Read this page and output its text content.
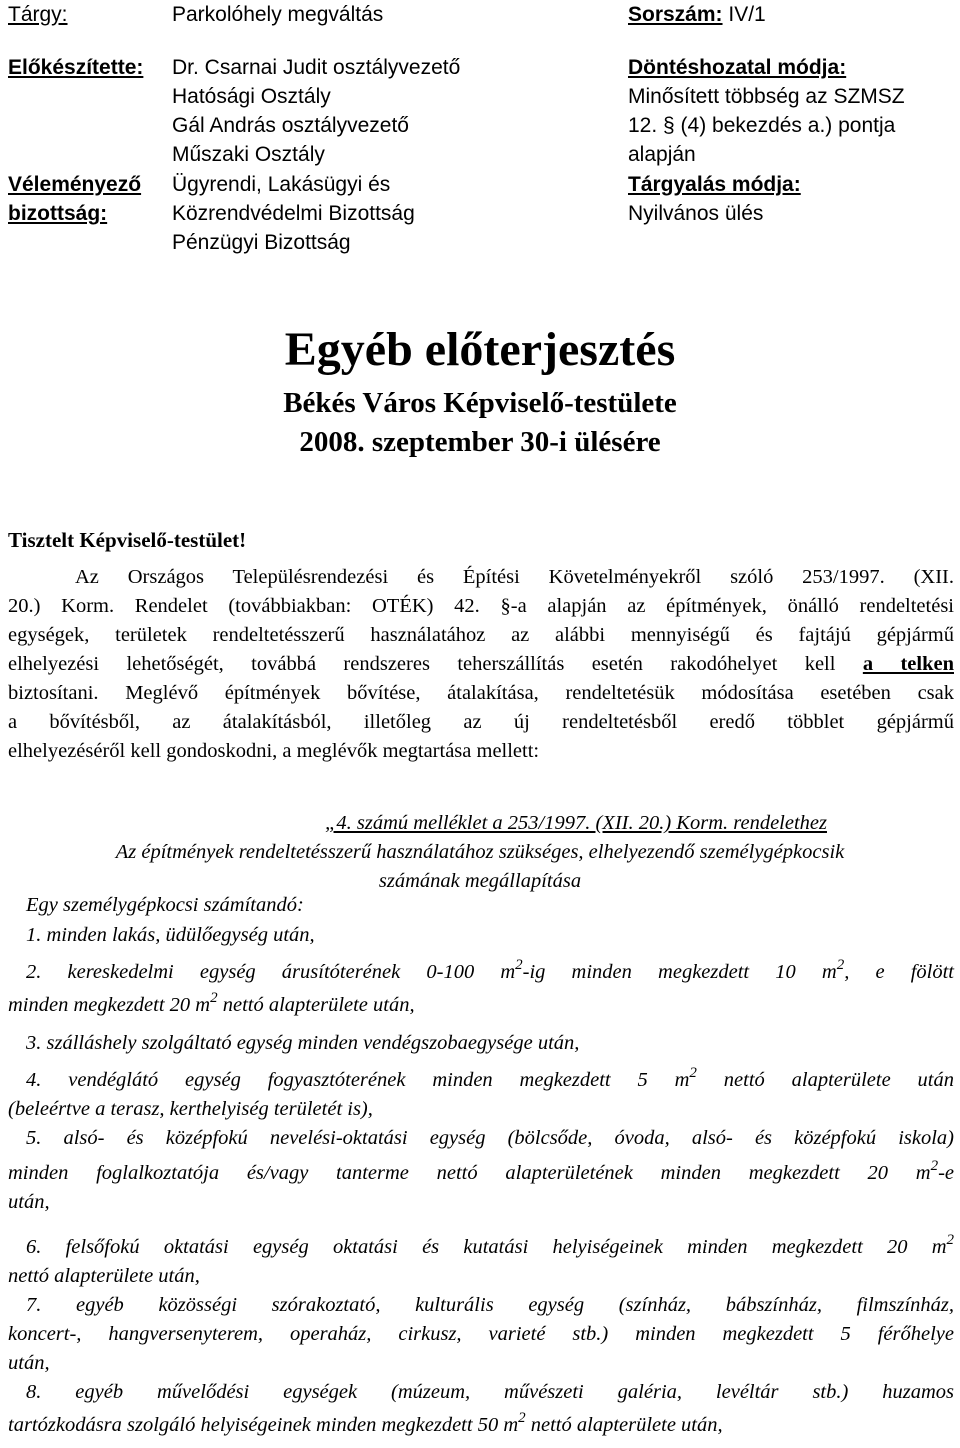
Tárgy:	Parkolóhely megváltás	Sorszám: IV/1
Előkészítette: Dr. Csarnai Judit osztályvezető
Hatósági Osztály
Gál András osztályvezető
Műszaki Osztály
Véleményező
bizottság:
Ügyrendi, Lakásügyi és
Közrendvédelmi Bizottság
Pénzügyi Bizottság
Döntéshozatal módja:
Minősített többség az SZMSZ
12. § (4) bekezdés a.) pontja
alapján
Tárgyalás módja:
Nyilvános ülés
Egyéb előterjesztés
Békés Város Képviselő-testülete
2008. szeptember 30-i ülésére
Tisztelt Képviselő-testület!
Az Országos Településrendezési és Építési Követelményekről szóló 253/1997. (XII.
20.) Korm. Rendelet (továbbiakban: OTÉK) 42. §-a alapján az építmények, önálló rendeltetési
egységek, területek rendeltetésszerű használatához az alábbi mennyiségű és fajtájú gépjármű
elhelyezési lehetőségét, továbbá rendszeres teherszállítás esetén rakodóhelyet kell a telken
biztosítani. Meglévő építmények bővítése, átalakítása, rendeltetésük módosítása esetében csak
a bővítésből, az átalakításból, illetőleg az új rendeltetésből eredő többlet gépjármű
elhelyezéséről kell gondoskodni, a meglévők megtartása mellett:
„4. számú melléklet a 253/1997. (XII. 20.) Korm. rendelethez
Az építmények rendeltetésszerű használatához szükséges, elhelyezendő személygépkocsik
számának megállapítása
Egy személygépkocsi számítandó:
1. minden lakás, üdülőegység után,
2. kereskedelmi egység árusítóterének 0-100 $m^2-ig$ minden megkezdett 10 $m^2$, e fölött
minden megkezdett 20 $m^2$ nettó alapterülete után,
3. szálláshely szolgáltató egység minden vendégszobaegysége után,
4. vendéglátó egység fogyasztóterének minden megkezdett 5 $m^2$ nettó alapterülete után
(beleértve a terasz, kerthelyiség területét is),
5. alsó- és középfokú nevelési-oktatási egység (bölcsőde, óvoda, alsó- és középfokú iskola)
minden foglalkoztatója és/vagy tanterme nettó alapterületének minden megkezdett 20 $m^2-e$
után,
6. felsőfokú oktatási egység oktatási és kutatási helyiségeinek minden megkezdett 20 $m^2$
nettó alapterülete után,
7. egyéb közösségi szórakoztató, kulturális egység (színház, bábszínház, filmszínház,
koncert-, hangversenyterem, operaház, cirkusz, varieté stb.) minden megkezdett 5 férőhelye
után,
8. egyéb művelődési egységek (múzeum, művészeti galéria, levéltár stb.) huzamos
tartózkodásra szolgáló helyiségeinek minden megkezdett 50 $m^2$ nettó alapterülete után,
